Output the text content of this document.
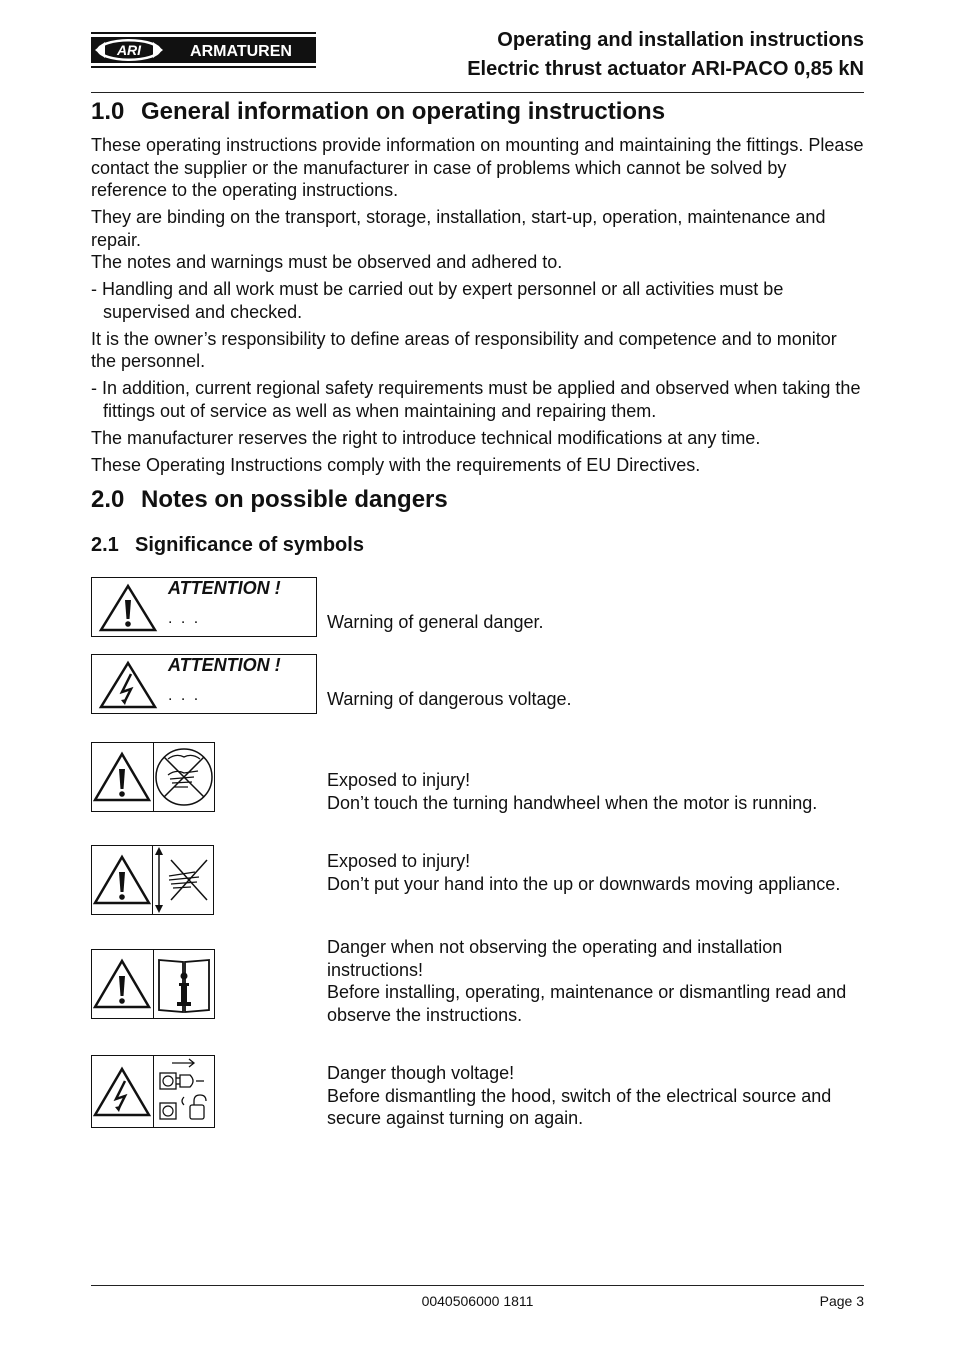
ARI	ARMATUREN
Operating and installation instructions
Electric thrust actuator ARI-PACO 0,85 kN
1.0 General information on operating instructions

These operating instructions provide information on mounting and maintaining the fittings. Please contact the supplier or the manufacturer in case of problems which cannot be solved by reference to the operating instructions.

They are binding on the transport, storage, installation, start-up, operation, maintenance and repair.

The notes and warnings must be observed and adhered to.

- Handling and all work must be carried out by expert personnel or all activities must be supervised and checked.

It is the owner’s responsibility to define areas of responsibility and competence and to monitor the personnel.

- In addition, current regional safety requirements must be applied and observed when taking the fittings out of service as well as when maintaining and repairing them.

The manufacturer reserves the right to introduce technical modifications at any time.

These Operating Instructions comply with the requirements of EU Directives.

2.0 Notes on possible dangers
2.1 Significance of symbols
ATTENTION !
. . .	Warning of general danger.
ATTENTION !
. . .	Warning of dangerous voltage.
Exposed to injury!
Don’t touch the turning handwheel when the motor is running.
Exposed to injury!
Don’t put your hand into the up or downwards moving appliance.
Danger when not observing the operating and installation instructions!
Before installing, operating, maintenance or dismantling read and observe the instructions.
Danger though voltage!
Before dismantling the hood, switch of the electrical source and secure against turning on again.
0040506000 1811	Page 3
